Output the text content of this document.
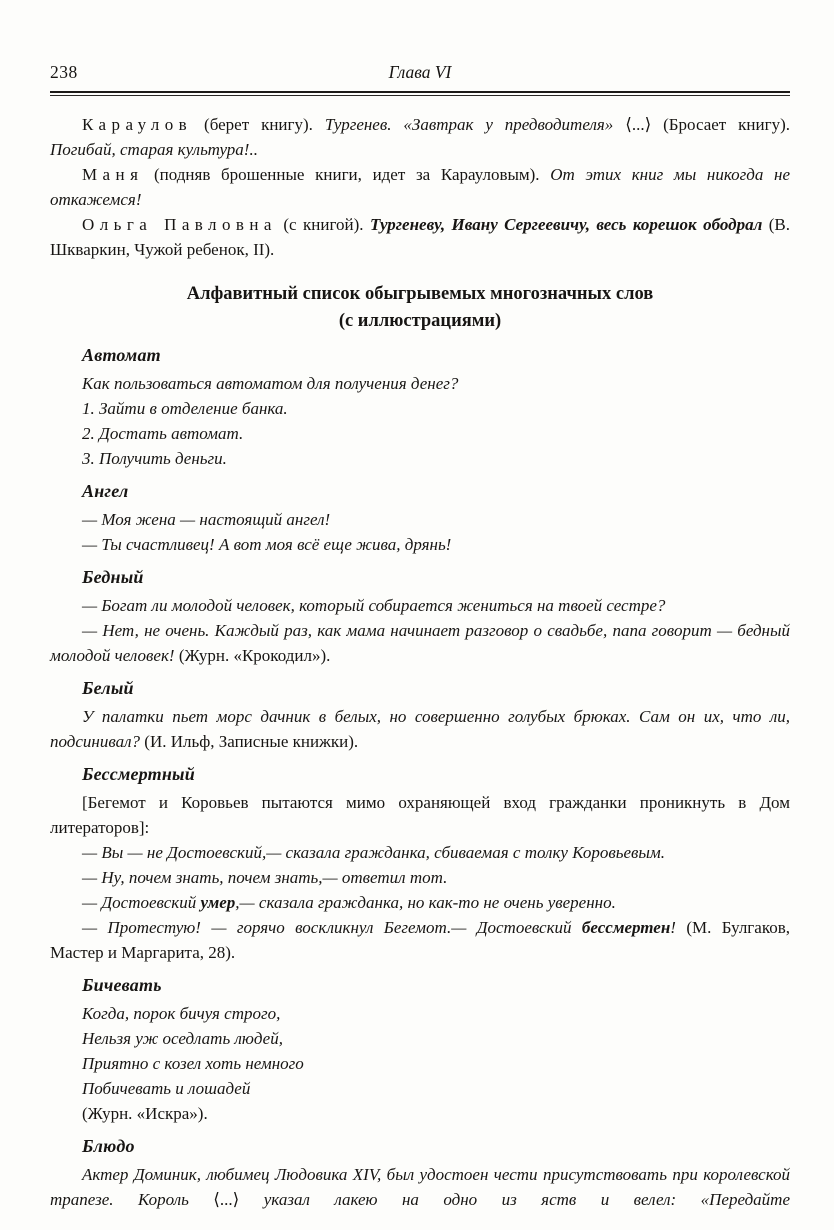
238	Глава VI

Караулов (берет книгу). Тургенев. «Завтрак у предводителя» ⟨...⟩ (Бросает книгу). Погибай, старая культура!..

Маня (подняв брошенные книги, идет за Карауловым). От этих книг мы никогда не откажемся!

Ольга Павловна (с книгой). Тургеневу, Ивану Сергеевичу, весь корешок ободрал (В. Шкваркин, Чужой ребенок, II).

Алфавитный список обыгрывемых многозначных слов
(с иллюстрациями)
Автомат

Как пользоваться автоматом для получения денег?

1. Зайти в отделение банка.

2. Достать автомат.

3. Получить деньги.

Ангел

— Моя жена — настоящий ангел!

— Ты счастливец! А вот моя всё еще жива, дрянь!

Бедный

— Богат ли молодой человек, который собирается жениться на твоей сестре?

— Нет, не очень. Каждый раз, как мама начинает разговор о свадьбе, папа говорит — бедный молодой человек! (Журн. «Крокодил»).

Белый

У палатки пьет морс дачник в белых, но совершенно голубых брюках. Сам он их, что ли, подсинивал? (И. Ильф, Записные книжки).

Бессмертный

[Бегемот и Коровьев пытаются мимо охраняющей вход гражданки проникнуть в Дом литераторов]:

— Вы — не Достоевский,— сказала гражданка, сбиваемая с толку Коровьевым.

— Ну, почем знать, почем знать,— ответил тот.

— Достоевский умер,— сказала гражданка, но как-то не очень уверенно.

— Протестую! — горячо воскликнул Бегемот.— Достоевский бессмертен! (М. Булгаков, Мастер и Маргарита, 28).

Бичевать

Когда, порок бичуя строго,

Нельзя уж оседлать людей,

Приятно с козел хоть немного

Побичевать и лошадей

(Журн. «Искра»).

Блюдо

Актер Доминик, любимец Людовика XIV, был удостоен чести присутствовать при королевской трапезе. Король ⟨...⟩ указал лакею на одно из яств и велел: «Передайте
